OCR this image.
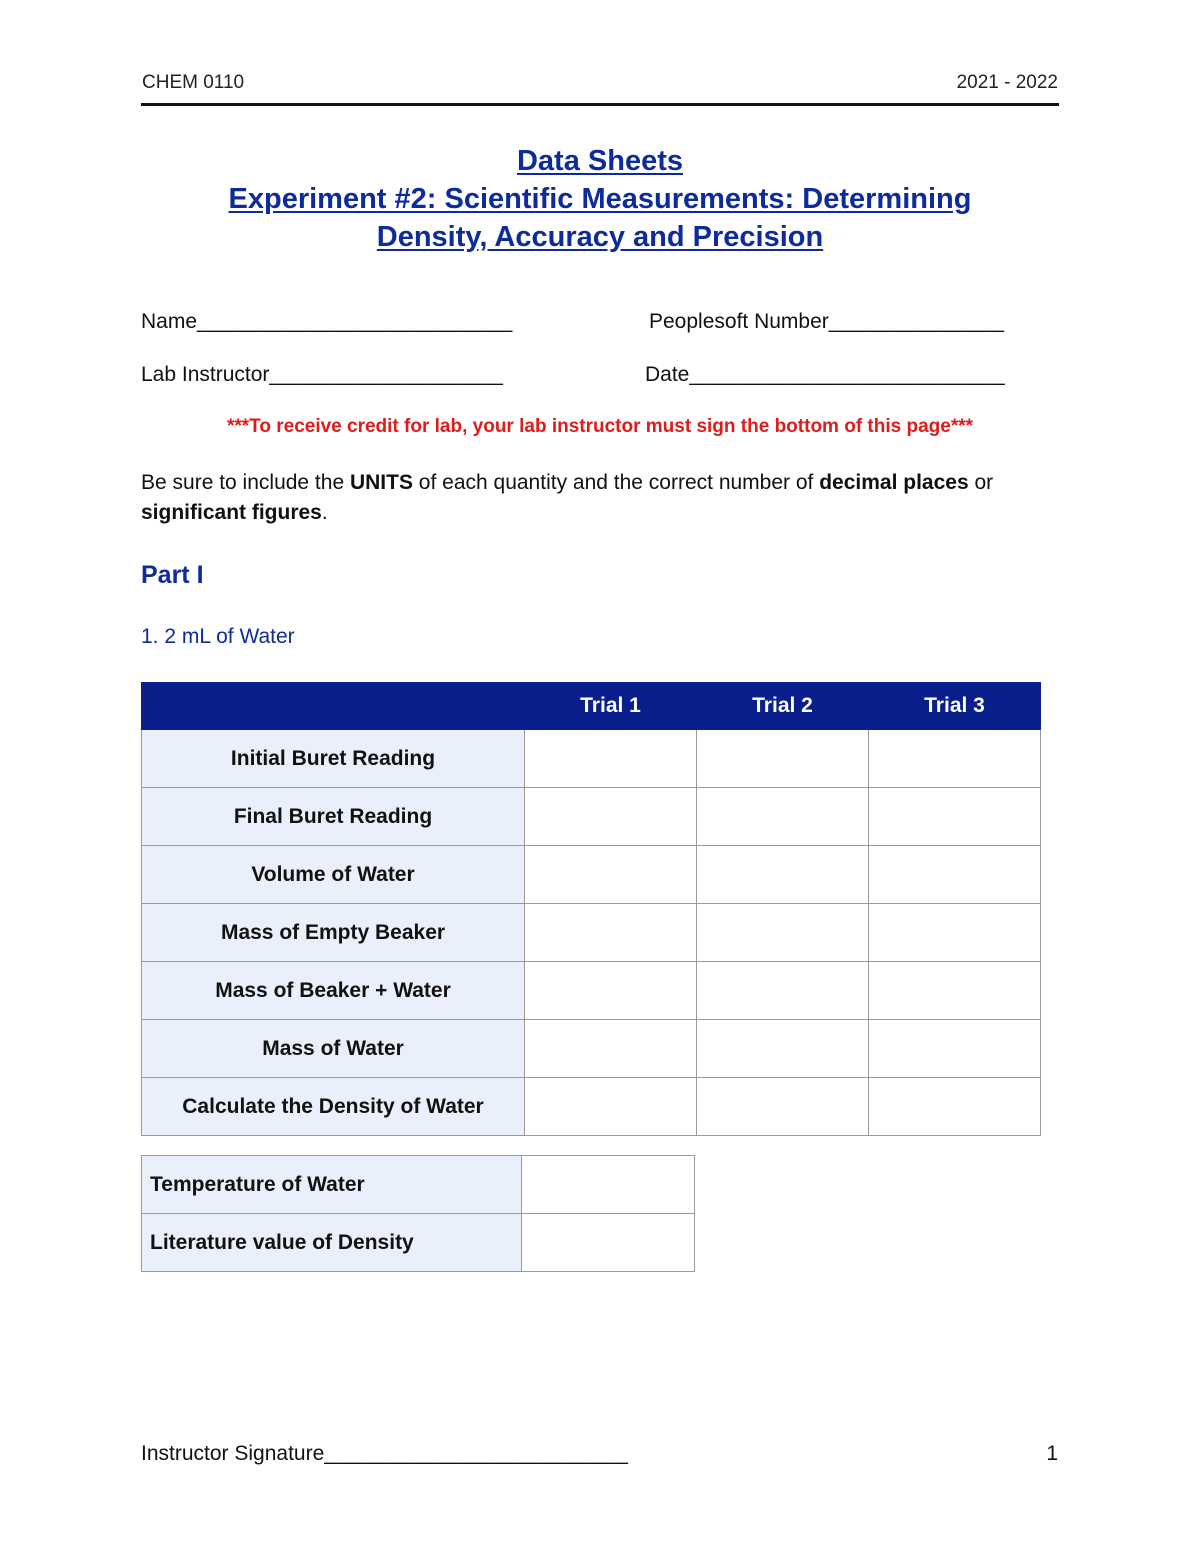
CHEM 0110	2021 - 2022
Data Sheets
Experiment #2: Scientific Measurements: Determining
Density, Accuracy and Precision
Name___________________________	Peoplesoft Number_______________
Lab Instructor____________________	Date___________________________
***To receive credit for lab, your lab instructor must sign the bottom of this page***
Be sure to include the UNITS of each quantity and the correct number of decimal places or significant figures.
Part I
1. 2 mL of Water
	Trial 1	Trial 2	Trial 3
Initial Buret Reading			
Final Buret Reading			
Volume of Water			
Mass of Empty Beaker			
Mass of Beaker + Water			
Mass of Water			
Calculate the Density of Water			
Temperature of Water	
Literature value of Density	
Instructor Signature__________________________	1
